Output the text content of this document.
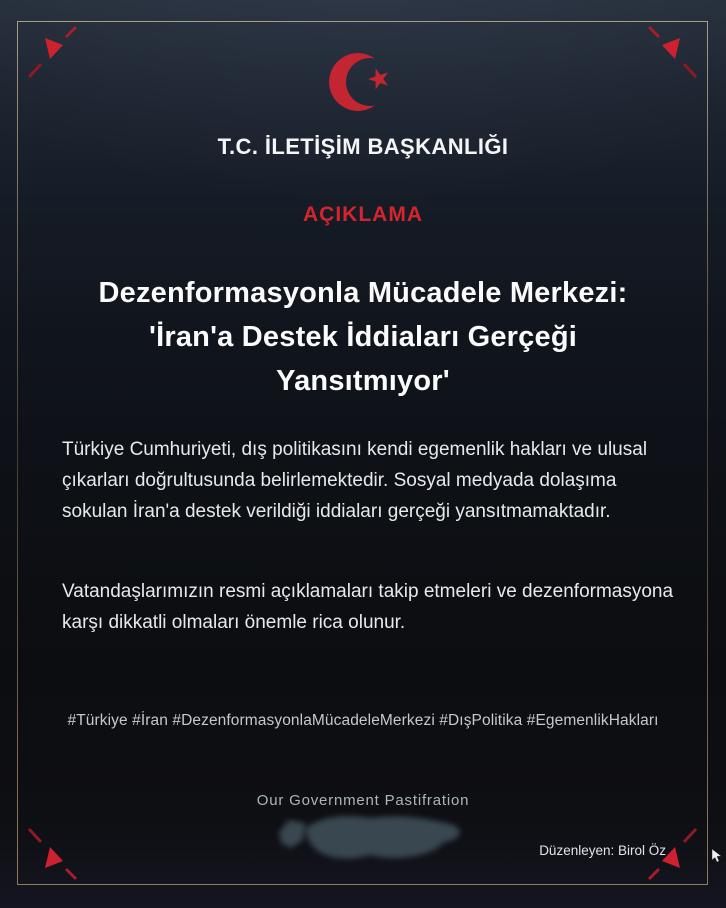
T.C. İLETİŞİM BAŞKANLIĞI
AÇIKLAMA
Dezenformasyonla Mücadele Merkezi:
'İran'a Destek İddiaları Gerçeği
Yansıtmıyor'
Türkiye Cumhuriyeti, dış politikasını kendi egemenlik hakları ve ulusal çıkarları doğrultusunda belirlemektedir. Sosyal medyada dolaşıma sokulan İran'a destek verildiği iddiaları gerçeği yansıtmamaktadır.
Vatandaşlarımızın resmi açıklamaları takip etmeleri ve dezenformasyona karşı dikkatli olmaları önemle rica olunur.
#Türkiye #İran #DezenformasyonlaMücadeleMerkezi #DışPolitika #EgemenlikHakları
Our Government Pastifration
Düzenleyen: Birol Öz
